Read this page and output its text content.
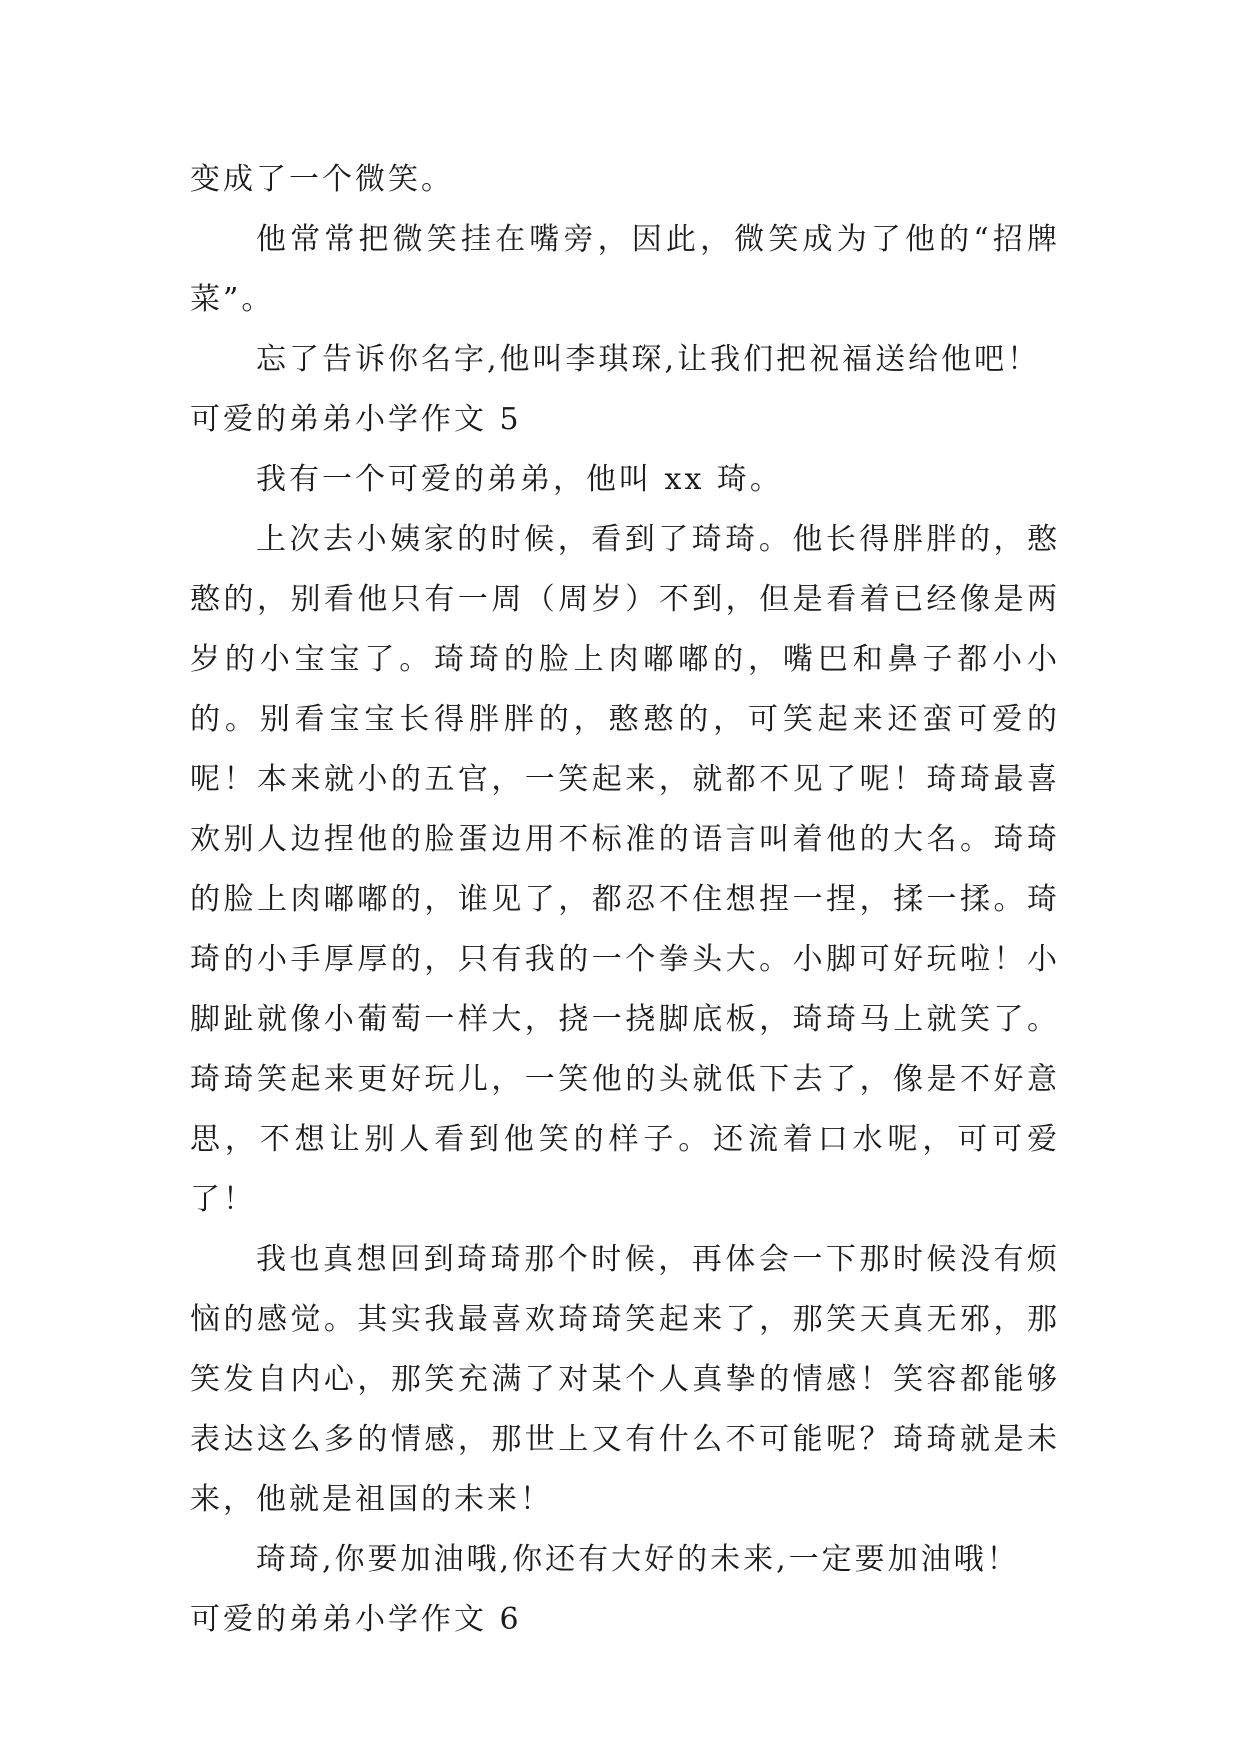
变成了一个微笑。

他常常把微笑挂在嘴旁，因此，微笑成为了他的“招牌菜”。

忘了告诉你名字,他叫李琪琛,让我们把祝福送给他吧！

可爱的弟弟小学作文 5

我有一个可爱的弟弟，他叫 xx 琦。

上次去小姨家的时候，看到了琦琦。他长得胖胖的，憨憨的，别看他只有一周（周岁）不到，但是看着已经像是两岁的小宝宝了。琦琦的脸上肉嘟嘟的，嘴巴和鼻子都小小的。别看宝宝长得胖胖的，憨憨的，可笑起来还蛮可爱的呢！本来就小的五官，一笑起来，就都不见了呢！琦琦最喜欢别人边捏他的脸蛋边用不标准的语言叫着他的大名。琦琦的脸上肉嘟嘟的，谁见了，都忍不住想捏一捏，揉一揉。琦琦的小手厚厚的，只有我的一个拳头大。小脚可好玩啦！小脚趾就像小葡萄一样大，挠一挠脚底板，琦琦马上就笑了。琦琦笑起来更好玩儿，一笑他的头就低下去了，像是不好意思，不想让别人看到他笑的样子。还流着口水呢，可可爱了！

我也真想回到琦琦那个时候，再体会一下那时候没有烦恼的感觉。其实我最喜欢琦琦笑起来了，那笑天真无邪，那笑发自内心，那笑充满了对某个人真挚的情感！笑容都能够表达这么多的情感，那世上又有什么不可能呢？琦琦就是未来，他就是祖国的未来！

琦琦,你要加油哦,你还有大好的未来,一定要加油哦！

可爱的弟弟小学作文 6
